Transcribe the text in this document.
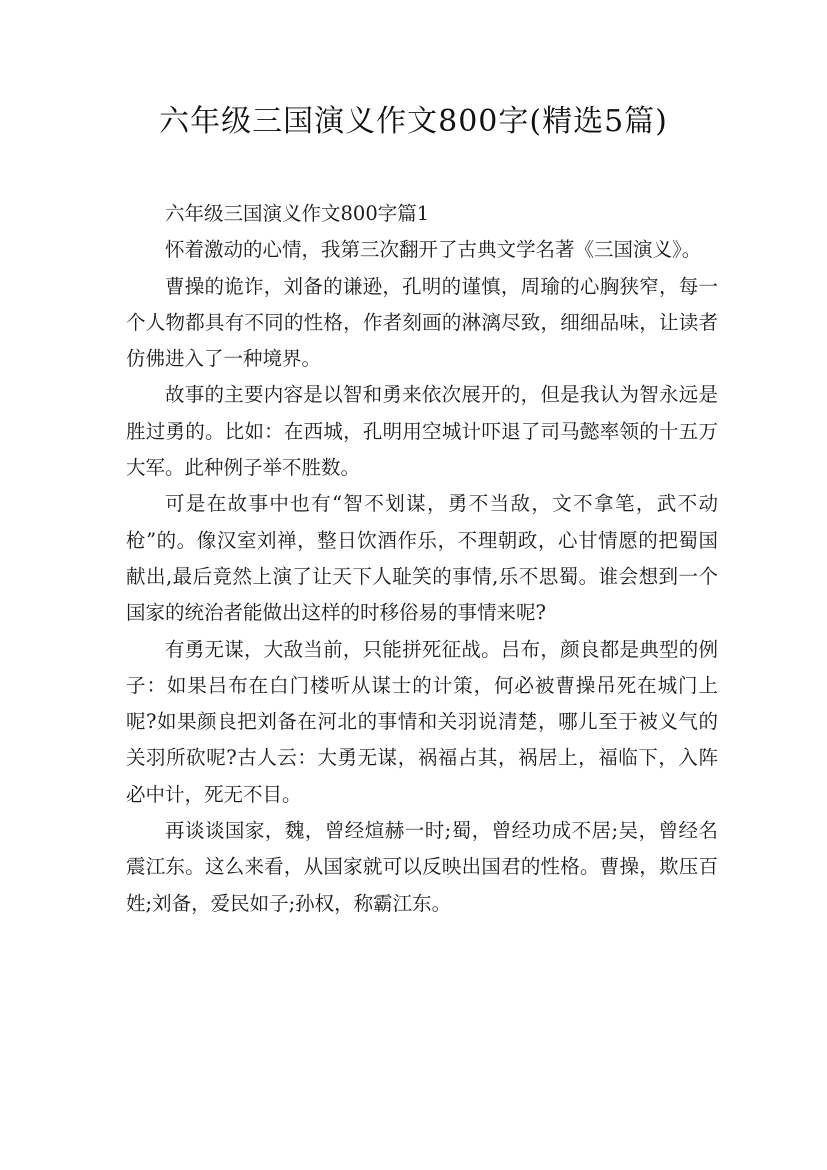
六年级三国演义作文800字(精选5篇)

六年级三国演义作文800字篇1

怀着激动的心情，我第三次翻开了古典文学名著《三国演义》。

曹操的诡诈，刘备的谦逊，孔明的谨慎，周瑜的心胸狭窄，每一个人物都具有不同的性格，作者刻画的淋漓尽致，细细品味，让读者仿佛进入了一种境界。

故事的主要内容是以智和勇来依次展开的，但是我认为智永远是胜过勇的。比如：在西城，孔明用空城计吓退了司马懿率领的十五万大军。此种例子举不胜数。

可是在故事中也有“智不划谋，勇不当敌，文不拿笔，武不动枪”的。像汉室刘禅，整日饮酒作乐，不理朝政，心甘情愿的把蜀国献出,最后竟然上演了让天下人耻笑的事情,乐不思蜀。谁会想到一个国家的统治者能做出这样的时移俗易的事情来呢?

有勇无谋，大敌当前，只能拼死征战。吕布，颜良都是典型的例子：如果吕布在白门楼听从谋士的计策，何必被曹操吊死在城门上呢?如果颜良把刘备在河北的事情和关羽说清楚，哪儿至于被义气的关羽所砍呢?古人云：大勇无谋，祸福占其，祸居上，福临下，入阵必中计，死无不目。

再谈谈国家，魏，曾经煊赫一时;蜀，曾经功成不居;吴，曾经名震江东。这么来看，从国家就可以反映出国君的性格。曹操，欺压百姓;刘备，爱民如子;孙权，称霸江东。
